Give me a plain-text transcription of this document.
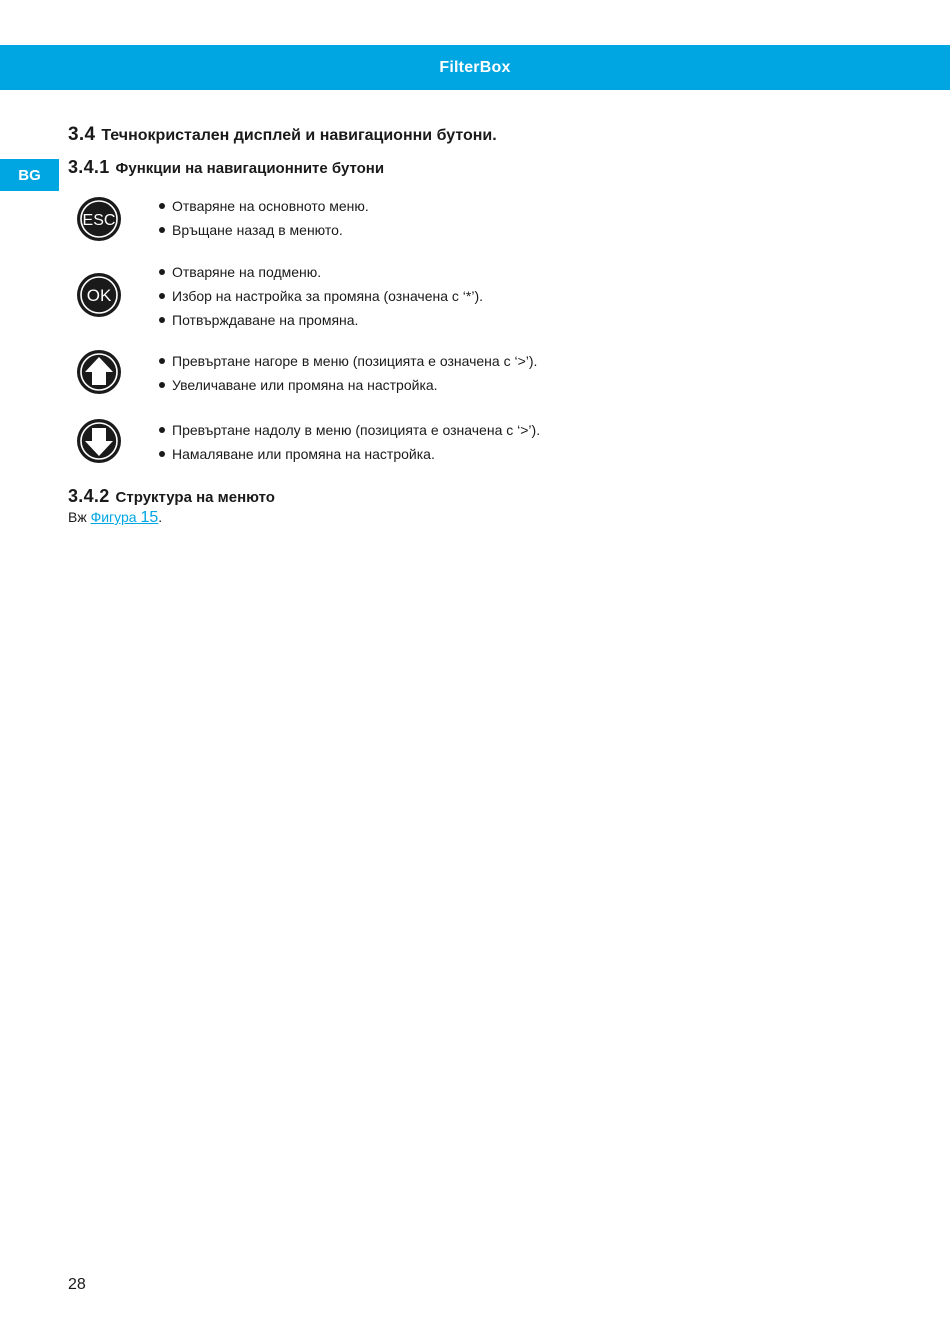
FilterBox
BG
3.4 Течнокристален дисплей и навигационни бутони.
3.4.1 Функции на навигационните бутони
ESC
Отваряне на основното меню.
Връщане назад в менюто.
OK
Отваряне на подменю.
Избор на настройка за промяна (означена с ‘*’).
Потвърждаване на промяна.
Превъртане нагоре в меню (позицията е означена с ‘>’).
Увеличаване или промяна на настройка.
Превъртане надолу в меню (позицията е означена с ‘>’).
Намаляване или промяна на настройка.
3.4.2 Структура на менюто
Вж Фигура 15.
28
